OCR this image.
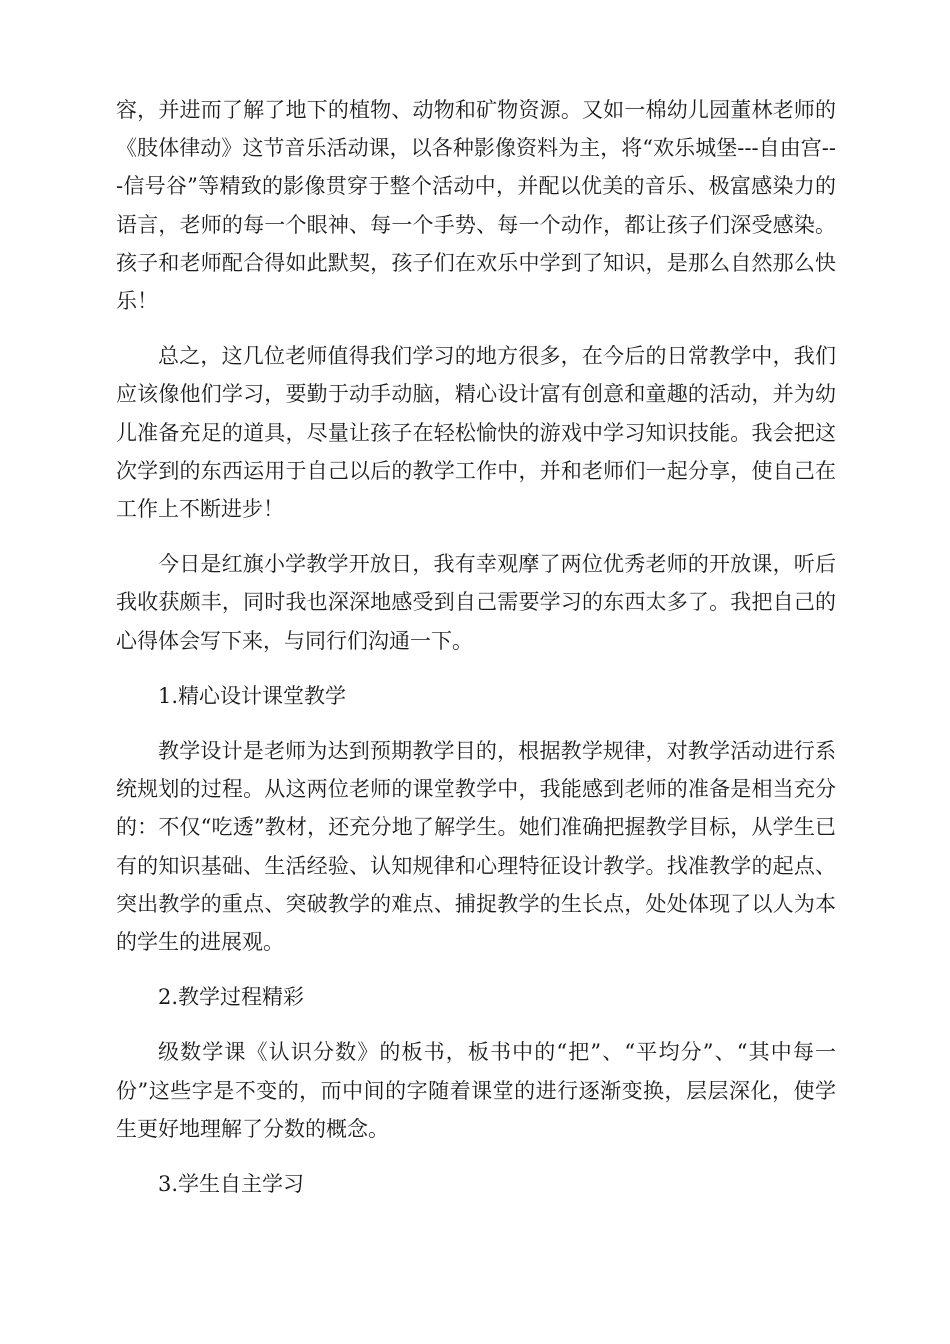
容，并进而了解了地下的植物、动物和矿物资源。又如一棉幼儿园董林老师的《肢体律动》这节音乐活动课，以各种影像资料为主，将“欢乐城堡---自由宫---信号谷”等精致的影像贯穿于整个活动中，并配以优美的音乐、极富感染力的语言，老师的每一个眼神、每一个手势、每一个动作，都让孩子们深受感染。孩子和老师配合得如此默契，孩子们在欢乐中学到了知识，是那么自然那么快乐！

总之，这几位老师值得我们学习的地方很多，在今后的日常教学中，我们应该像他们学习，要勤于动手动脑，精心设计富有创意和童趣的活动，并为幼儿准备充足的道具，尽量让孩子在轻松愉快的游戏中学习知识技能。我会把这次学到的东西运用于自己以后的教学工作中，并和老师们一起分享，使自己在工作上不断进步！

今日是红旗小学教学开放日，我有幸观摩了两位优秀老师的开放课，听后我收获颇丰，同时我也深深地感受到自己需要学习的东西太多了。我把自己的心得体会写下来，与同行们沟通一下。

1.精心设计课堂教学

教学设计是老师为达到预期教学目的，根据教学规律，对教学活动进行系统规划的过程。从这两位老师的课堂教学中，我能感到老师的准备是相当充分的：不仅“吃透”教材，还充分地了解学生。她们准确把握教学目标，从学生已有的知识基础、生活经验、认知规律和心理特征设计教学。找准教学的起点、突出教学的重点、突破教学的难点、捕捉教学的生长点，处处体现了以人为本的学生的进展观。

2.教学过程精彩

级数学课《认识分数》的板书，板书中的“把”、“平均分”、“其中每一份”这些字是不变的，而中间的字随着课堂的进行逐渐变换，层层深化，使学生更好地理解了分数的概念。

3.学生自主学习
